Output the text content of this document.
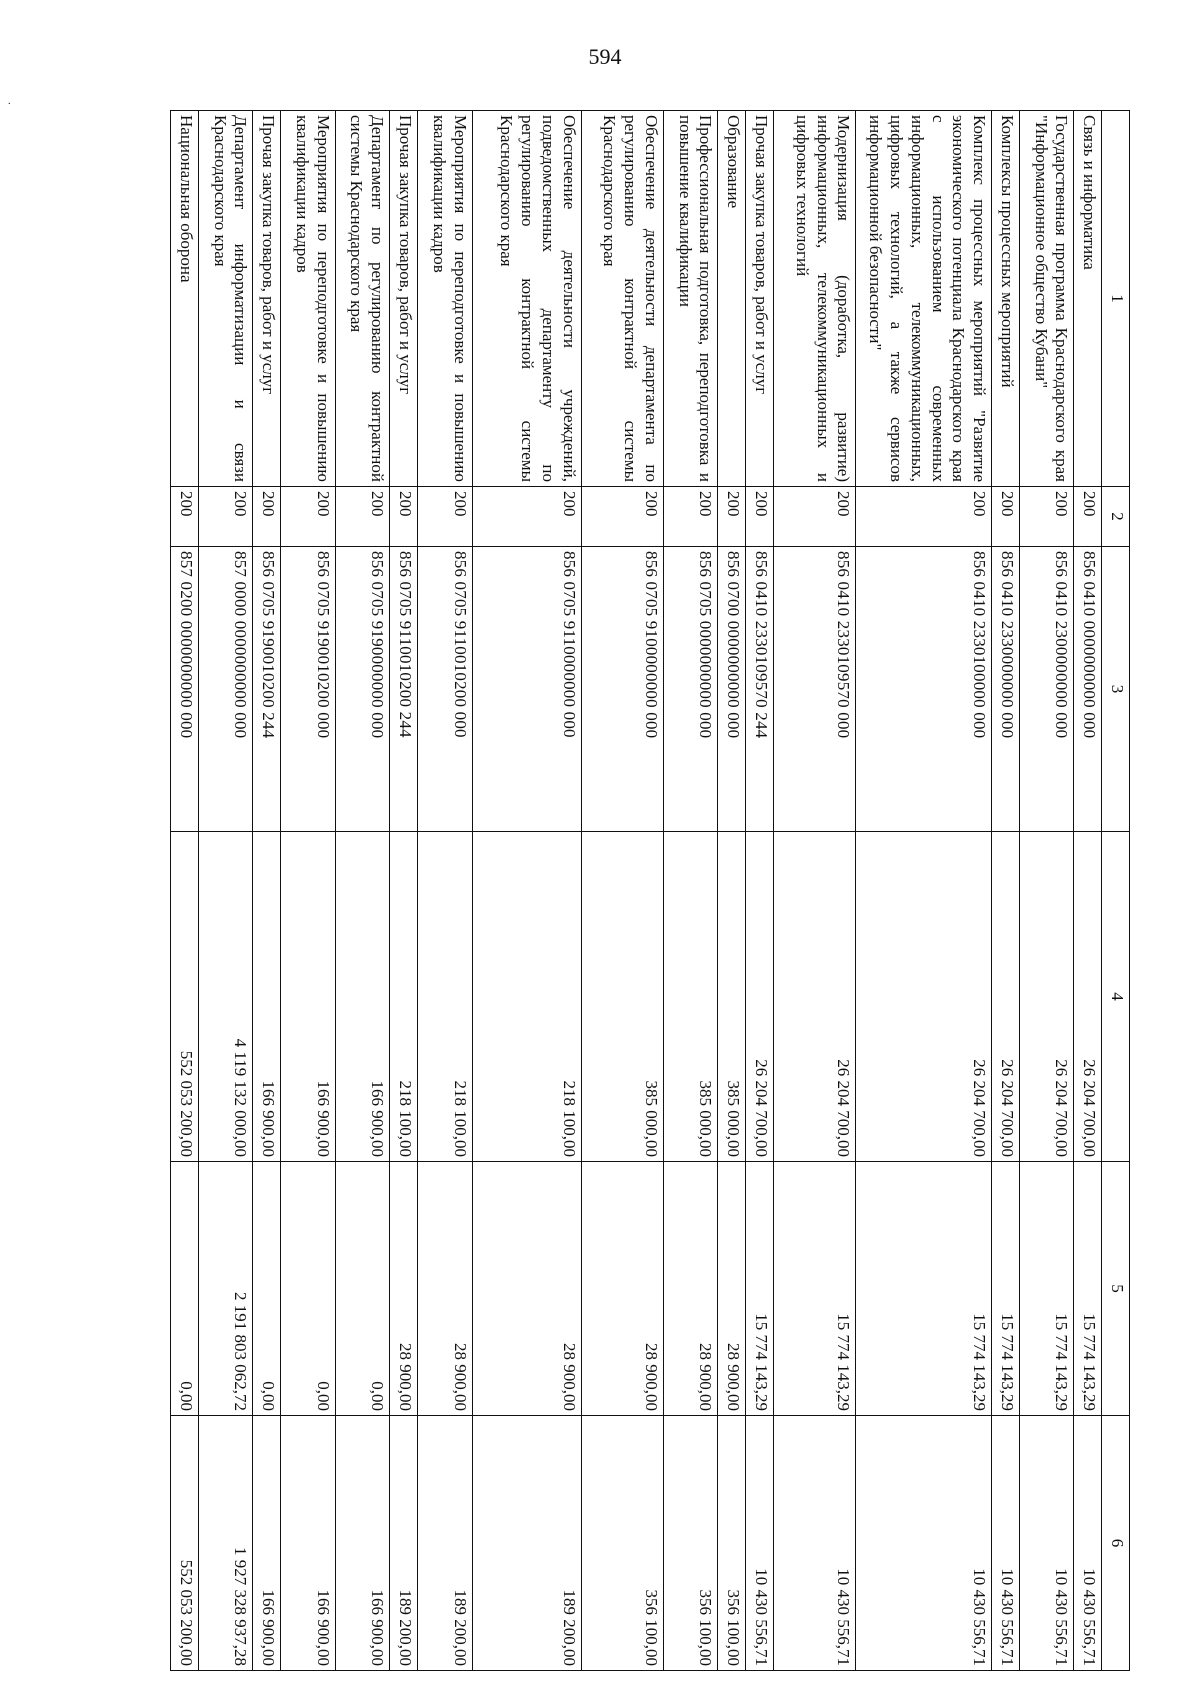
594
.
1	2	3	4	5	6
Связь и информатика	200	856 0410 0000000000 000	26 204 700,00	15 774 143,29	10 430 556,71
Государственная программа Краснодарского края "Информационное общество Кубани"	200	856 0410 2300000000 000	26 204 700,00	15 774 143,29	10 430 556,71
Комплексы процессных мероприятий	200	856 0410 2330000000 000	26 204 700,00	15 774 143,29	10 430 556,71
Комплекс процессных мероприятий "Развитие экономического потенциала Краснодарского края с использованием современных информационных, телекоммуникационных, цифровых технологий, а также сервисов информационной безопасности"	200	856 0410 2330100000 000	26 204 700,00	15 774 143,29	10 430 556,71
Модернизация (доработка, развитие) информационных, телекоммуникационных и цифровых технологий	200	856 0410 2330109570 000	26 204 700,00	15 774 143,29	10 430 556,71
Прочая закупка товаров, работ и услуг	200	856 0410 2330109570 244	26 204 700,00	15 774 143,29	10 430 556,71
Образование	200	856 0700 0000000000 000	385 000,00	28 900,00	356 100,00
Профессиональная подготовка, переподготовка и повышение квалификации	200	856 0705 0000000000 000	385 000,00	28 900,00	356 100,00
Обеспечение деятельности департамента по регулированию контрактной системы Краснодарского края	200	856 0705 9100000000 000	385 000,00	28 900,00	356 100,00
Обеспечение деятельности учреждений, подведомственных департаменту по регулированию контрактной системы Краснодарского края	200	856 0705 9110000000 000	218 100,00	28 900,00	189 200,00
Мероприятия по переподготовке и повышению квалификации кадров	200	856 0705 9110010200 000	218 100,00	28 900,00	189 200,00
Прочая закупка товаров, работ и услуг	200	856 0705 9110010200 244	218 100,00	28 900,00	189 200,00
Департамент по регулированию контрактной системы Краснодарского края	200	856 0705 9190000000 000	166 900,00	0,00	166 900,00
Мероприятия по переподготовке и повышению квалификации кадров	200	856 0705 9190010200 000	166 900,00	0,00	166 900,00
Прочая закупка товаров, работ и услуг	200	856 0705 9190010200 244	166 900,00	0,00	166 900,00
Департамент информатизации и связи Краснодарского края	200	857 0000 0000000000 000	4 119 132 000,00	2 191 803 062,72	1 927 328 937,28
Национальная оборона	200	857 0200 0000000000 000	552 053 200,00	0,00	552 053 200,00
